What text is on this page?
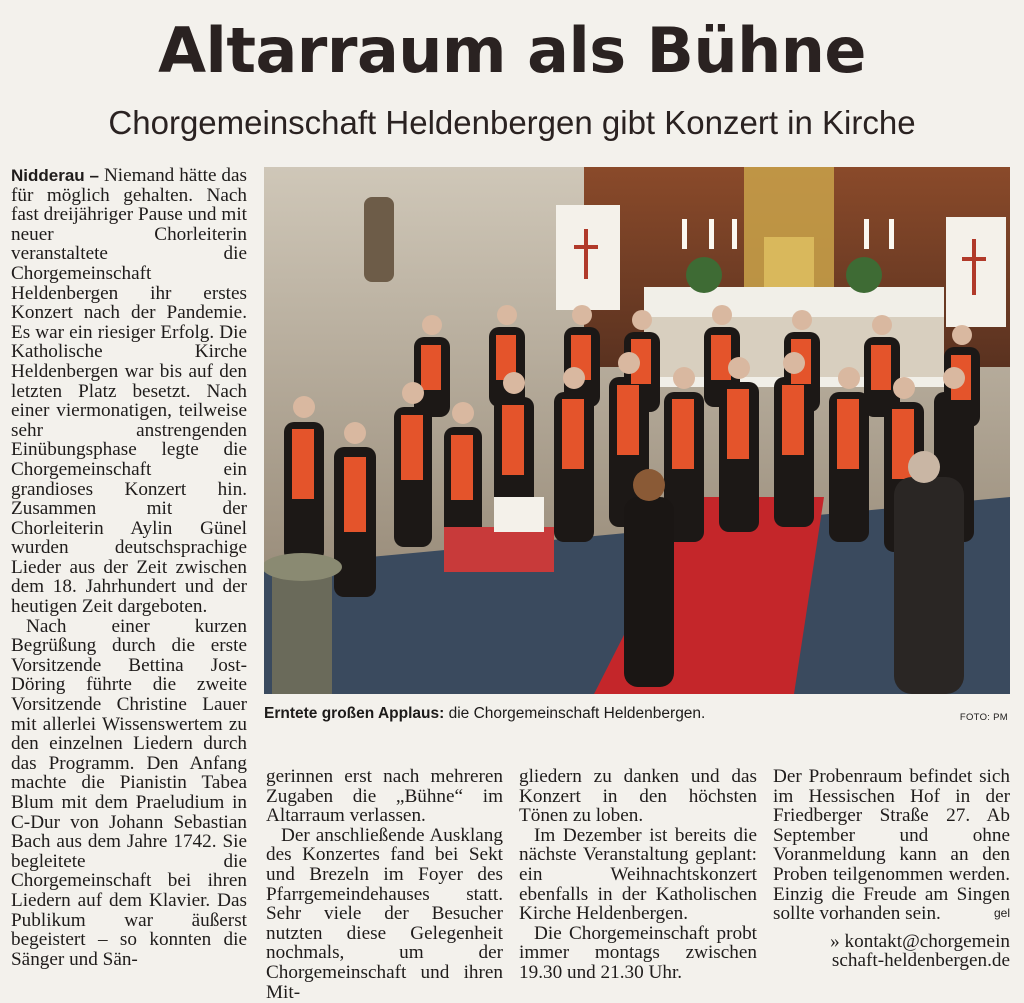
Altarraum als Bühne
Chorgemeinschaft Heldenbergen gibt Konzert in Kirche

Nidderau – Niemand hätte das für möglich gehalten. Nach fast dreijähriger Pause und mit neuer Chorleiterin veranstaltete die Chorgemeinschaft Heldenbergen ihr erstes Konzert nach der Pandemie. Es war ein riesiger Erfolg. Die Katholische Kirche Heldenbergen war bis auf den letzten Platz besetzt. Nach einer viermonatigen, teilweise sehr anstrengenden Einübungsphase legte die Chorgemeinschaft ein grandioses Konzert hin. Zusammen mit der Chorleiterin Aylin Günel wurden deutschsprachige Lieder aus der Zeit zwischen dem 18. Jahrhundert und der heutigen Zeit dargeboten.

Nach einer kurzen Begrüßung durch die erste Vorsitzende Bettina Jost-Döring führte die zweite Vorsitzende Christine Lauer mit allerlei Wissenswertem zu den einzelnen Liedern durch das Programm. Den Anfang machte die Pianistin Tabea Blum mit dem Praeludium in C-Dur von Johann Sebastian Bach aus dem Jahre 1742. Sie begleitete die Chorgemeinschaft bei ihren Liedern auf dem Klavier. Das Publikum war äußerst begeistert – so konnten die Sänger und Sän-

Erntete großen Applaus: die Chorgemeinschaft Heldenbergen.	FOTO: PM

gerinnen erst nach mehreren Zugaben die „Bühne“ im Altarraum verlassen.

Der anschließende Ausklang des Konzertes fand bei Sekt und Brezeln im Foyer des Pfarrgemeindehauses statt. Sehr viele der Besucher nutzten diese Gelegenheit nochmals, um der Chorgemeinschaft und ihren Mit-

gliedern zu danken und das Konzert in den höchsten Tönen zu loben.

Im Dezember ist bereits die nächste Veranstaltung geplant: ein Weihnachtskonzert ebenfalls in der Katholischen Kirche Heldenbergen.

Die Chorgemeinschaft probt immer montags zwischen 19.30 und 21.30 Uhr.

Der Probenraum befindet sich im Hessischen Hof in der Friedberger Straße 27. Ab September und ohne Voranmeldung kann an den Proben teilgenommen werden. Einzig die Freude am Singen sollte vorhanden sein.	gel

» kontakt@chorgemein
schaft-heldenbergen.de
